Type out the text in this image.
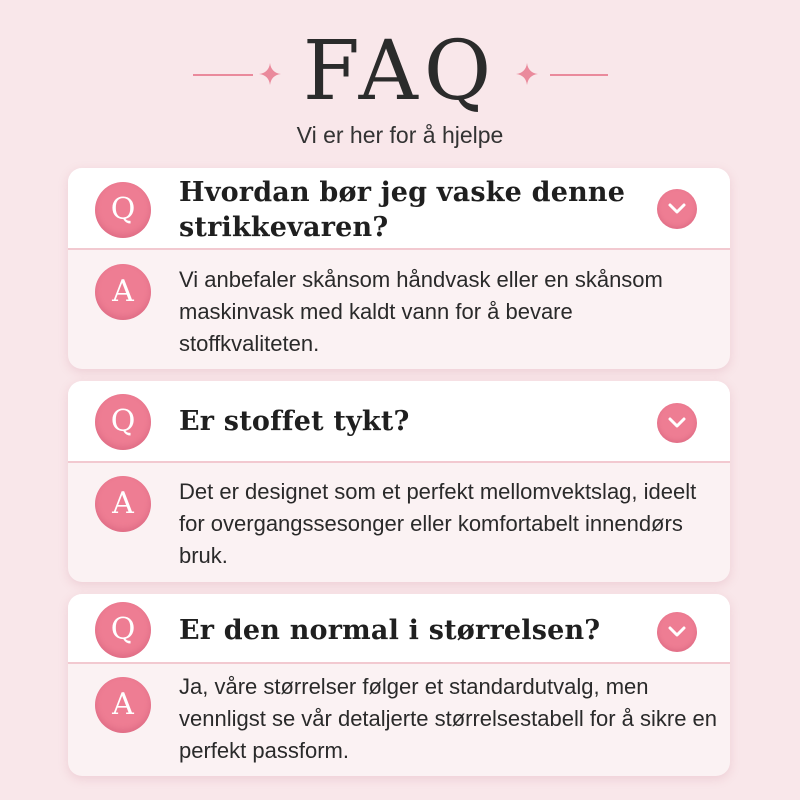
FAQ
Vi er her for å hjelpe
Q	Hvordan bør jeg vaske denne strikkevaren?
A	Vi anbefaler skånsom håndvask eller en skånsom maskinvask med kaldt vann for å bevare stoffkvaliteten.
Q	Er stoffet tykt?
A	Det er designet som et perfekt mellomvektslag, ideelt for overgangssesonger eller komfortabelt innendørs bruk.
Q	Er den normal i størrelsen?
A
Ja, våre størrelser følger et standardutvalg, men vennligst se vår detaljerte størrelsestabell for å sikre en perfekt passform.
